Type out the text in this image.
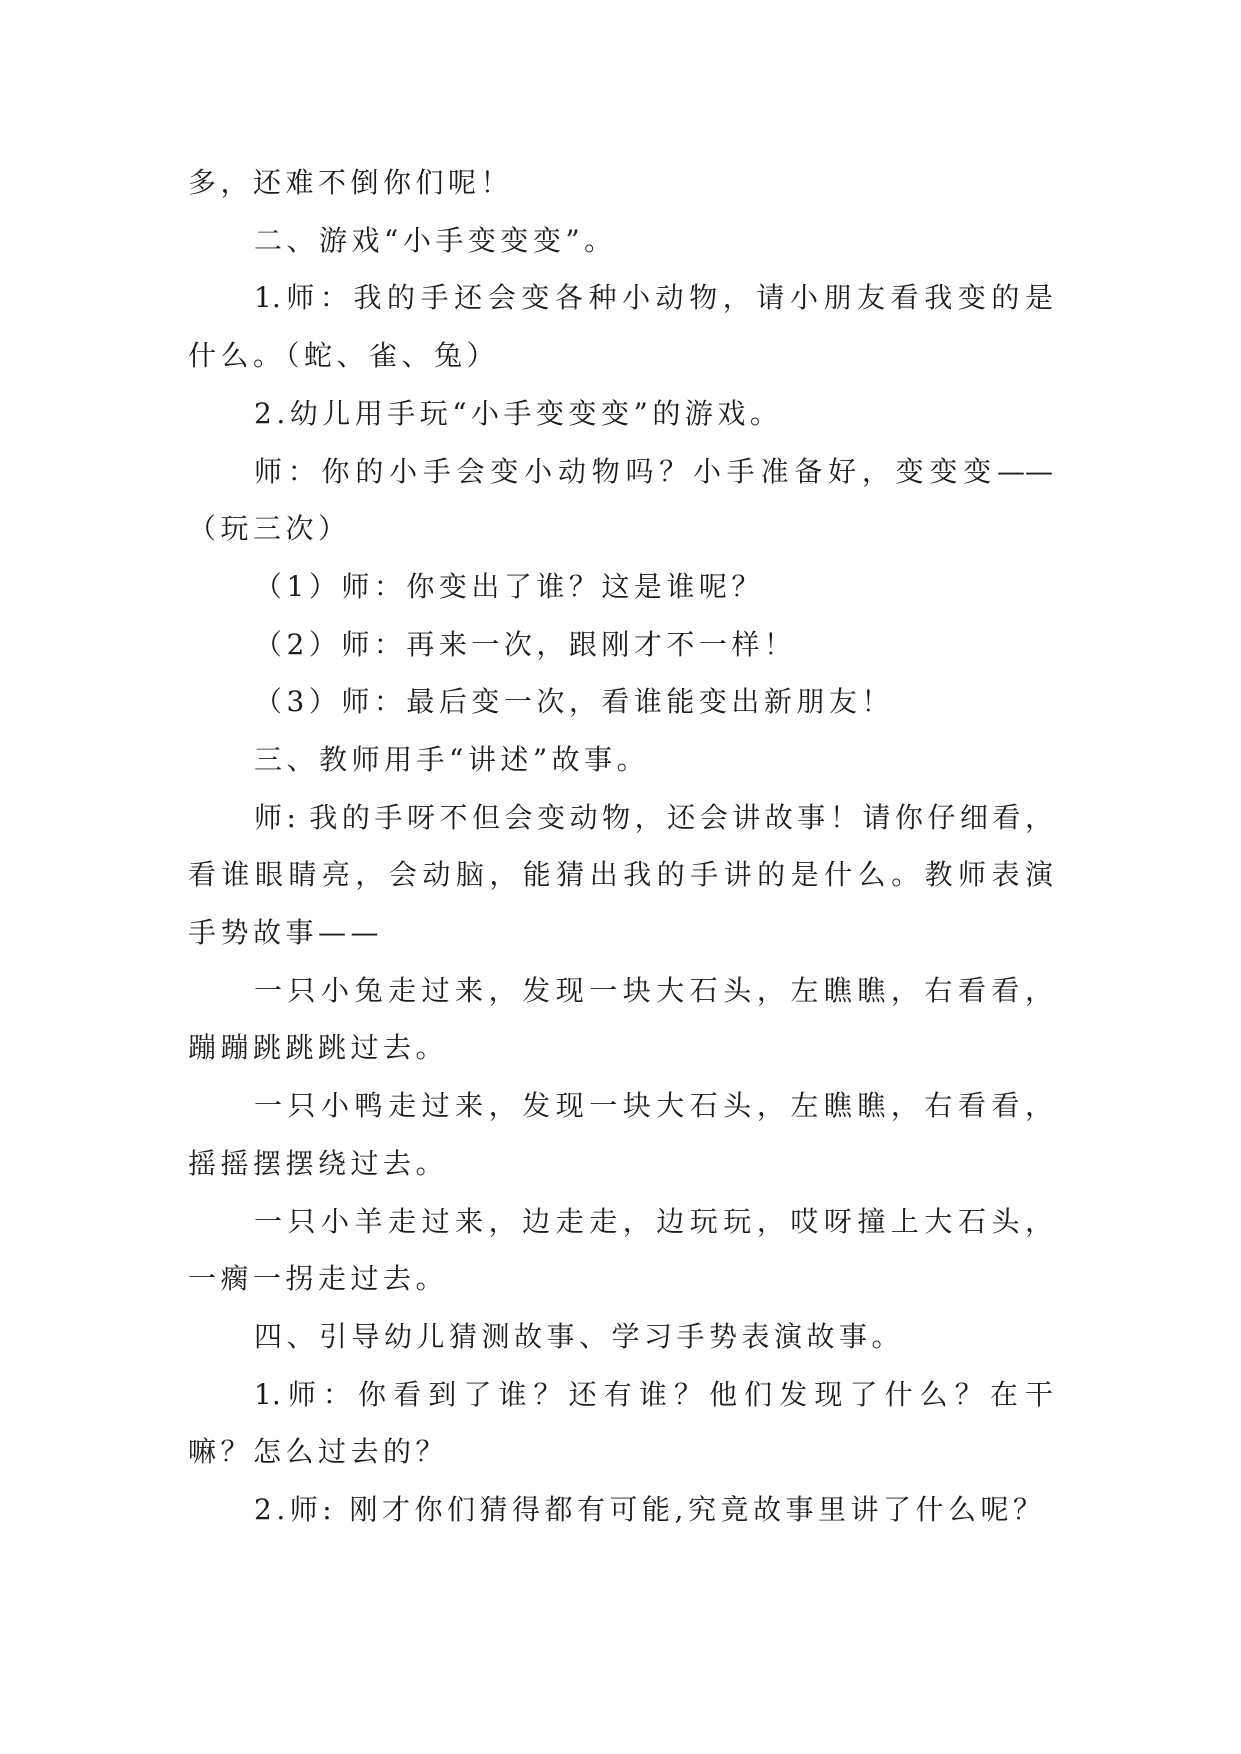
多，还难不倒你们呢！
二、游戏“小手变变变”。
1.师：我的手还会变各种小动物，请小朋友看我变的是
什么。（蛇、雀、兔）
2.幼儿用手玩“小手变变变”的游戏。
师：你的小手会变小动物吗？小手准备好，变变变——
（玩三次）
（1）师：你变出了谁？这是谁呢？
（2）师：再来一次，跟刚才不一样！
（3）师：最后变一次，看谁能变出新朋友！
三、教师用手“讲述”故事。
师: 我的手呀不但会变动物，还会讲故事！请你仔细看，
看谁眼睛亮，会动脑，能猜出我的手讲的是什么。教师表演
手势故事——
一只小兔走过来，发现一块大石头，左瞧瞧，右看看，
蹦蹦跳跳跳过去。
一只小鸭走过来，发现一块大石头，左瞧瞧，右看看，
摇摇摆摆绕过去。
一只小羊走过来，边走走，边玩玩，哎呀撞上大石头，
一瘸一拐走过去。
四、引导幼儿猜测故事、学习手势表演故事。
1.师：你看到了谁？还有谁？他们发现了什么？在干
嘛？怎么过去的？
2.师: 刚才你们猜得都有可能,究竟故事里讲了什么呢？
